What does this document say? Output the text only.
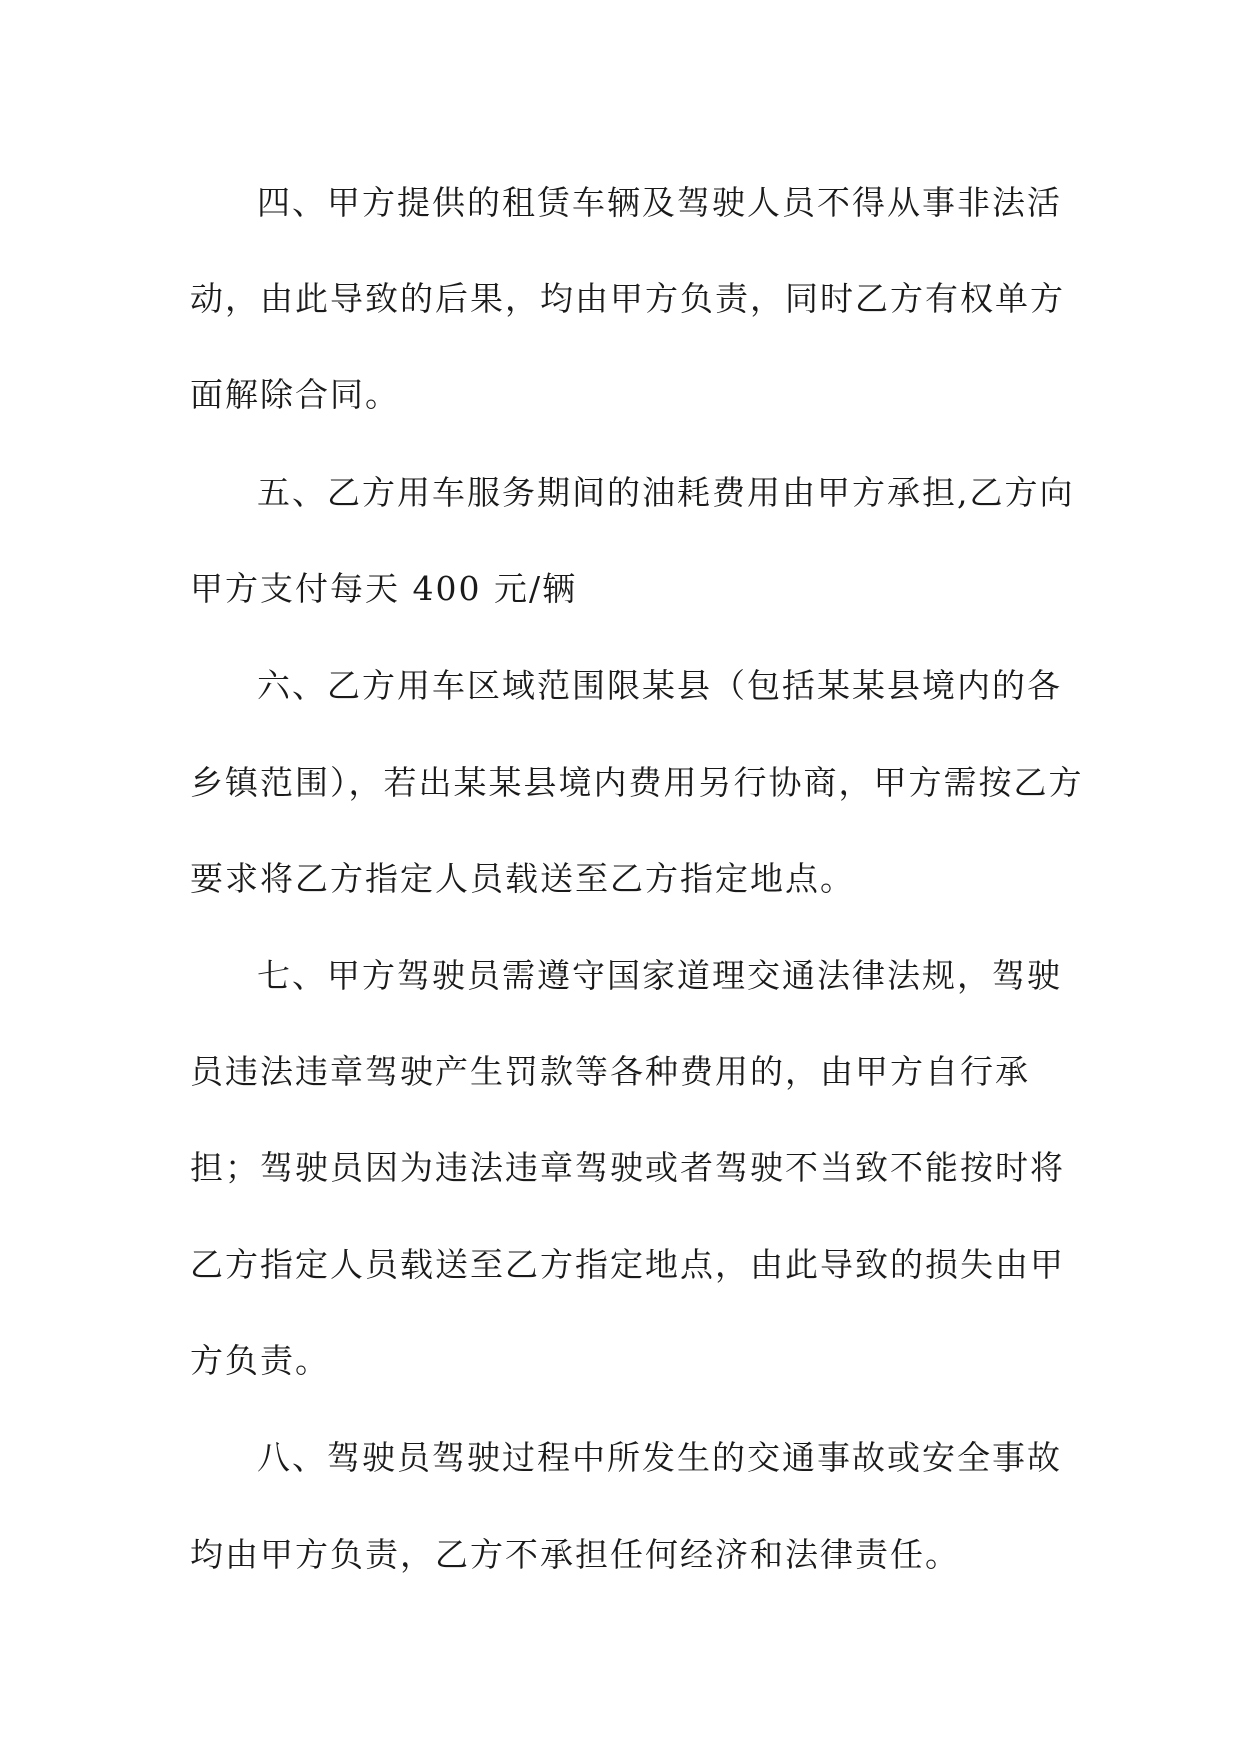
四、甲方提供的租赁车辆及驾驶人员不得从事非法活
动，由此导致的后果，均由甲方负责，同时乙方有权单方
面解除合同。
五、乙方用车服务期间的油耗费用由甲方承担,乙方向
甲方支付每天 400 元/辆
六、乙方用车区域范围限某县（包括某某县境内的各
乡镇范围），若出某某县境内费用另行协商，甲方需按乙方
要求将乙方指定人员载送至乙方指定地点。
七、甲方驾驶员需遵守国家道理交通法律法规，驾驶
员违法违章驾驶产生罚款等各种费用的，由甲方自行承
担；驾驶员因为违法违章驾驶或者驾驶不当致不能按时将
乙方指定人员载送至乙方指定地点，由此导致的损失由甲
方负责。
八、驾驶员驾驶过程中所发生的交通事故或安全事故
均由甲方负责，乙方不承担任何经济和法律责任。
